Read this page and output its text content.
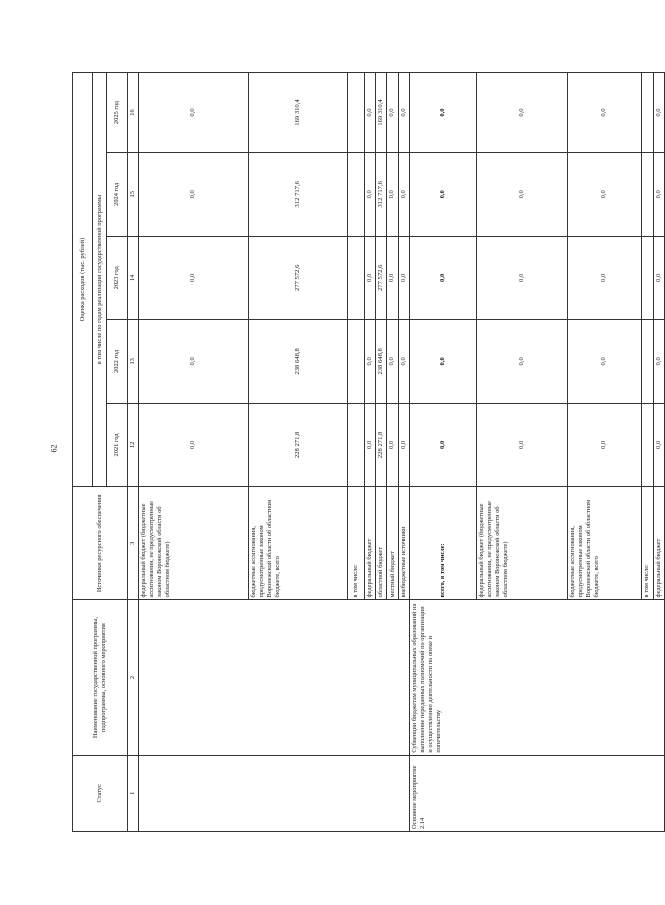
62
Статус	Наименование государственной программы, подпрограммы, основного мероприятия	Источники ресурсного обеспечения	Оценка расходов (тыс. рублей)				
			в том числе по годам реализации государственной программы				
			2021 год	2022 год	2023 год	2024 год	2025 год
1	2	3	12	13	14	15	16
		федеральный бюджет (бюджетные ассигнования, не предусмотренные законом Воронежской области об областном бюджете)	0,0	0,0	0,0	0,0	0,0
		бюджетные ассигнования, предусмотренные законом Воронежской области об областном бюджете, всего	228 271,8	238 648,8	277 572,6	312 717,6	169 310,4
		в том числе:					
		федеральный бюджет	0,0	0,0	0,0	0,0	0,0
		областной бюджет	228 271,8	238 648,8	277 572,6	312 717,6	169 310,4
		местный бюджет	0,0	0,0	0,0	0,0	0,0
		внебюджетные источники	0,0	0,0	0,0	0,0	0,0
Основное мероприятие 2.14	Субвенции бюджетам муниципальных образований на выполнение переданных полномочий по организации и осуществлению деятельности по опеке и попечительству	всего, в том числе:	0,0	0,0	0,0	0,0	0,0
		федеральный бюджет (бюджетные ассигнования, не предусмотренные законом Воронежской области об областном бюджете)	0,0	0,0	0,0	0,0	0,0
		бюджетные ассигнования, предусмотренные законом Воронежской области об областном бюджете, всего	0,0	0,0	0,0	0,0	0,0
		в том числе:					
		федеральный бюджет	0,0	0,0	0,0	0,0	0,0
